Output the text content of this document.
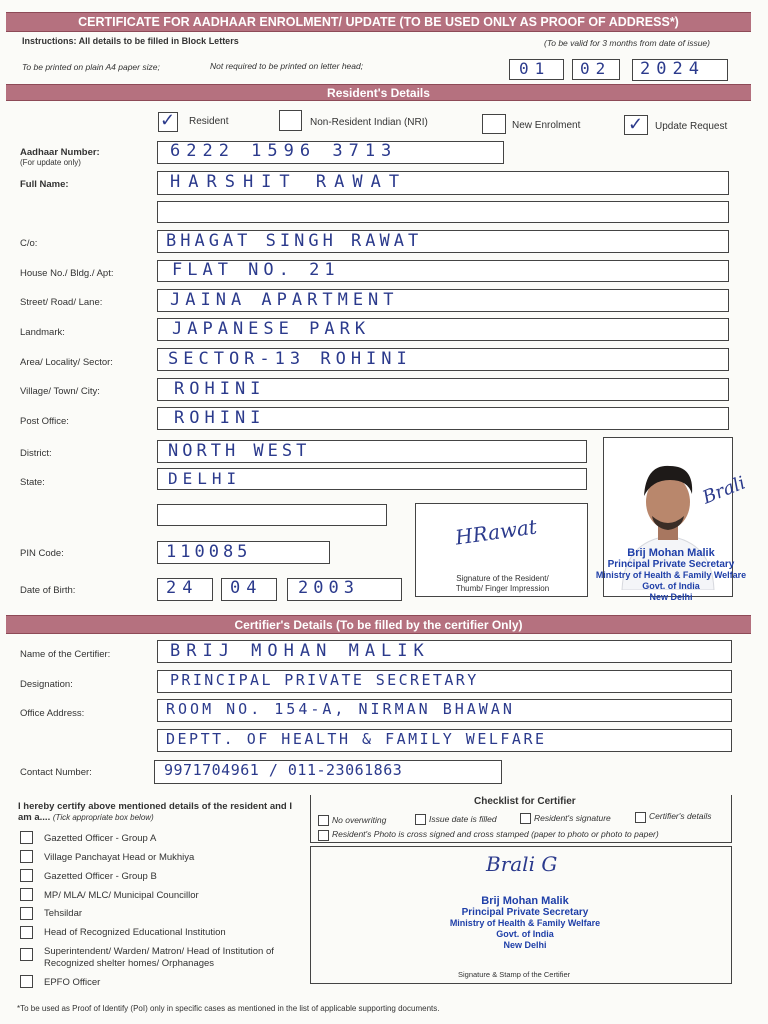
CERTIFICATE FOR AADHAAR ENROLMENT/ UPDATE (TO BE USED ONLY AS PROOF OF ADDRESS*)
Instructions: All details to be filled in Block Letters	(To be valid for 3 months from date of issue)
To be printed on plain A4 paper size;	Not required to be printed on letter head;	01 02 2024
Resident's Details
✓ Resident	Non-Resident Indian (NRI)	New Enrolment	✓ Update Request
Aadhaar Number:
(For update only)
6222 1596 3713
Full Name:	HARSHIT RAWAT
C/o:	BHAGAT SINGH RAWAT
House No./ Bldg./ Apt:	FLAT NO. 21
Street/ Road/ Lane:	JAINA APARTMENT
Landmark:	JAPANESE PARK
Area/ Locality/ Sector:	SECTOR-13 ROHINI
Village/ Town/ City:	ROHINI
Post Office:	ROHINI
District:	NORTH WEST
State:	DELHI
HRawat
Signature of the Resident/ Thumb/ Finger Impression
Brali
Brij Mohan Malik
Principal Private Secretary
Ministry of Health & Family Welfare
Govt. of India
New Delhi
PIN Code:	110085
Date of Birth:	24 04 2003
Certifier's Details (To be filled by the certifier Only)
Name of the Certifier:	BRIJ MOHAN MALIK
Designation:	PRINCIPAL PRIVATE SECRETARY
Office Address:	ROOM NO. 154-A, NIRMAN BHAWAN
DEPTT. OF HEALTH & FAMILY WELFARE
Contact Number:	9971704961 / 011-23061863
I hereby certify above mentioned details of the resident and I am a.... (Tick appropriate box below)
Gazetted Officer - Group A
Village Panchayat Head or Mukhiya
Gazetted Officer - Group B
MP/ MLA/ MLC/ Municipal Councillor
Tehsildar
Head of Recognized Educational Institution
Superintendent/ Warden/ Matron/ Head of Institution of Recognized shelter homes/ Orphanages
EPFO Officer
Checklist for Certifier
No overwriting	Issue date is filled	Resident's signature	Certifier's details
Resident's Photo is cross signed and cross stamped (paper to photo or photo to paper)
Brali G
Brij Mohan Malik
Principal Private Secretary
Ministry of Health & Family Welfare
Govt. of India
New Delhi
Signature & Stamp of the Certifier
*To be used as Proof of Identify (PoI) only in specific cases as mentioned in the list of applicable supporting documents.
